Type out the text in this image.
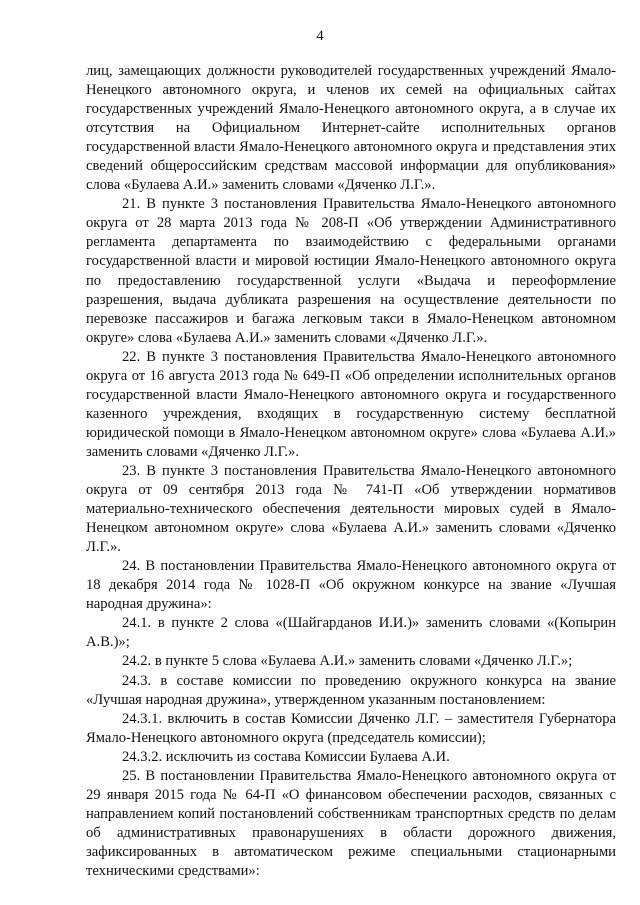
4

лиц, замещающих должности руководителей государственных учреждений Ямало-Ненецкого автономного округа, и членов их семей на официальных сайтах государственных учреждений Ямало-Ненецкого автономного округа, а в случае их отсутствия на Официальном Интернет-сайте исполнительных органов государственной власти Ямало-Ненецкого автономного округа и представления этих сведений общероссийским средствам массовой информации для опубликования» слова «Булаева А.И.» заменить словами «Дяченко Л.Г.».

21. В пункте 3 постановления Правительства Ямало-Ненецкого автономного округа от 28 марта 2013 года № 208-П «Об утверждении Административного регламента департамента по взаимодействию с федеральными органами государственной власти и мировой юстиции Ямало-Ненецкого автономного округа по предоставлению государственной услуги «Выдача и переоформление разрешения, выдача дубликата разрешения на осуществление деятельности по перевозке пассажиров и багажа легковым такси в Ямало-Ненецком автономном округе» слова «Булаева А.И.» заменить словами «Дяченко Л.Г.».

22. В пункте 3 постановления Правительства Ямало-Ненецкого автономного округа от 16 августа 2013 года № 649-П «Об определении исполнительных органов государственной власти Ямало-Ненецкого автономного округа и государственного казенного учреждения, входящих в государственную систему бесплатной юридической помощи в Ямало-Ненецком автономном округе» слова «Булаева А.И.» заменить словами «Дяченко Л.Г.».

23. В пункте 3 постановления Правительства Ямало-Ненецкого автономного округа от 09 сентября 2013 года № 741-П «Об утверждении нормативов материально-технического обеспечения деятельности мировых судей в Ямало-Ненецком автономном округе» слова «Булаева А.И.» заменить словами «Дяченко Л.Г.».

24. В постановлении Правительства Ямало-Ненецкого автономного округа от 18 декабря 2014 года № 1028-П «Об окружном конкурсе на звание «Лучшая народная дружина»:

24.1. в пункте 2 слова «(Шайгарданов И.И.)» заменить словами «(Копырин А.В.)»;

24.2. в пункте 5 слова «Булаева А.И.» заменить словами «Дяченко Л.Г.»;

24.3. в составе комиссии по проведению окружного конкурса на звание «Лучшая народная дружина», утвержденном указанным постановлением:

24.3.1. включить в состав Комиссии Дяченко Л.Г. – заместителя Губернатора Ямало-Ненецкого автономного округа (председатель комиссии);

24.3.2. исключить из состава Комиссии Булаева А.И.

25. В постановлении Правительства Ямало-Ненецкого автономного округа от 29 января 2015 года № 64-П «О финансовом обеспечении расходов, связанных с направлением копий постановлений собственникам транспортных средств по делам об административных правонарушениях в области дорожного движения, зафиксированных в автоматическом режиме специальными стационарными техническими средствами»:
